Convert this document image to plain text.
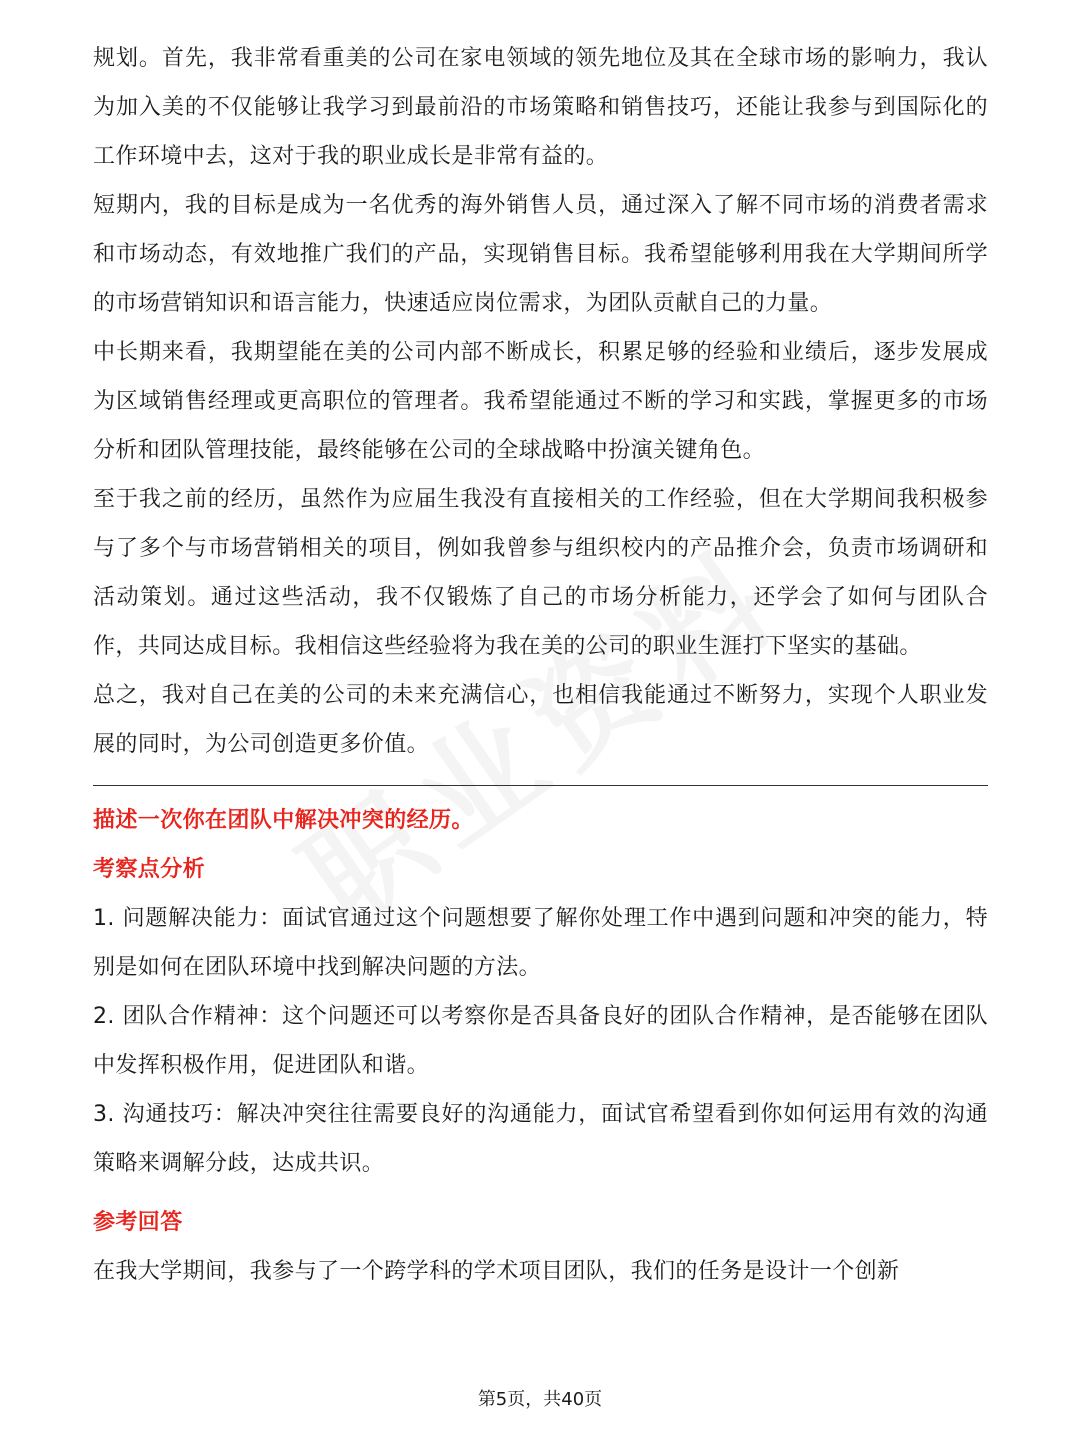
规划。首先，我非常看重美的公司在家电领域的领先地位及其在全球市场的影响力，我认为加入美的不仅能够让我学习到最前沿的市场策略和销售技巧，还能让我参与到国际化的工作环境中去，这对于我的职业成长是非常有益的。

短期内，我的目标是成为一名优秀的海外销售人员，通过深入了解不同市场的消费者需求和市场动态，有效地推广我们的产品，实现销售目标。我希望能够利用我在大学期间所学的市场营销知识和语言能力，快速适应岗位需求，为团队贡献自己的力量。

中长期来看，我期望能在美的公司内部不断成长，积累足够的经验和业绩后，逐步发展成为区域销售经理或更高职位的管理者。我希望能通过不断的学习和实践，掌握更多的市场分析和团队管理技能，最终能够在公司的全球战略中扮演关键角色。

至于我之前的经历，虽然作为应届生我没有直接相关的工作经验，但在大学期间我积极参与了多个与市场营销相关的项目，例如我曾参与组织校内的产品推介会，负责市场调研和活动策划。通过这些活动，我不仅锻炼了自己的市场分析能力，还学会了如何与团队合作，共同达成目标。我相信这些经验将为我在美的公司的职业生涯打下坚实的基础。

总之，我对自己在美的公司的未来充满信心，也相信我能通过不断努力，实现个人职业发展的同时，为公司创造更多价值。

描述一次你在团队中解决冲突的经历。

考察点分析

1. 问题解决能力：面试官通过这个问题想要了解你处理工作中遇到问题和冲突的能力，特别是如何在团队环境中找到解决问题的方法。

2. 团队合作精神：这个问题还可以考察你是否具备良好的团队合作精神，是否能够在团队中发挥积极作用，促进团队和谐。

3. 沟通技巧：解决冲突往往需要良好的沟通能力，面试官希望看到你如何运用有效的沟通策略来调解分歧，达成共识。

参考回答

在我大学期间，我参与了一个跨学科的学术项目团队，我们的任务是设计一个创新

第5页，共40页
